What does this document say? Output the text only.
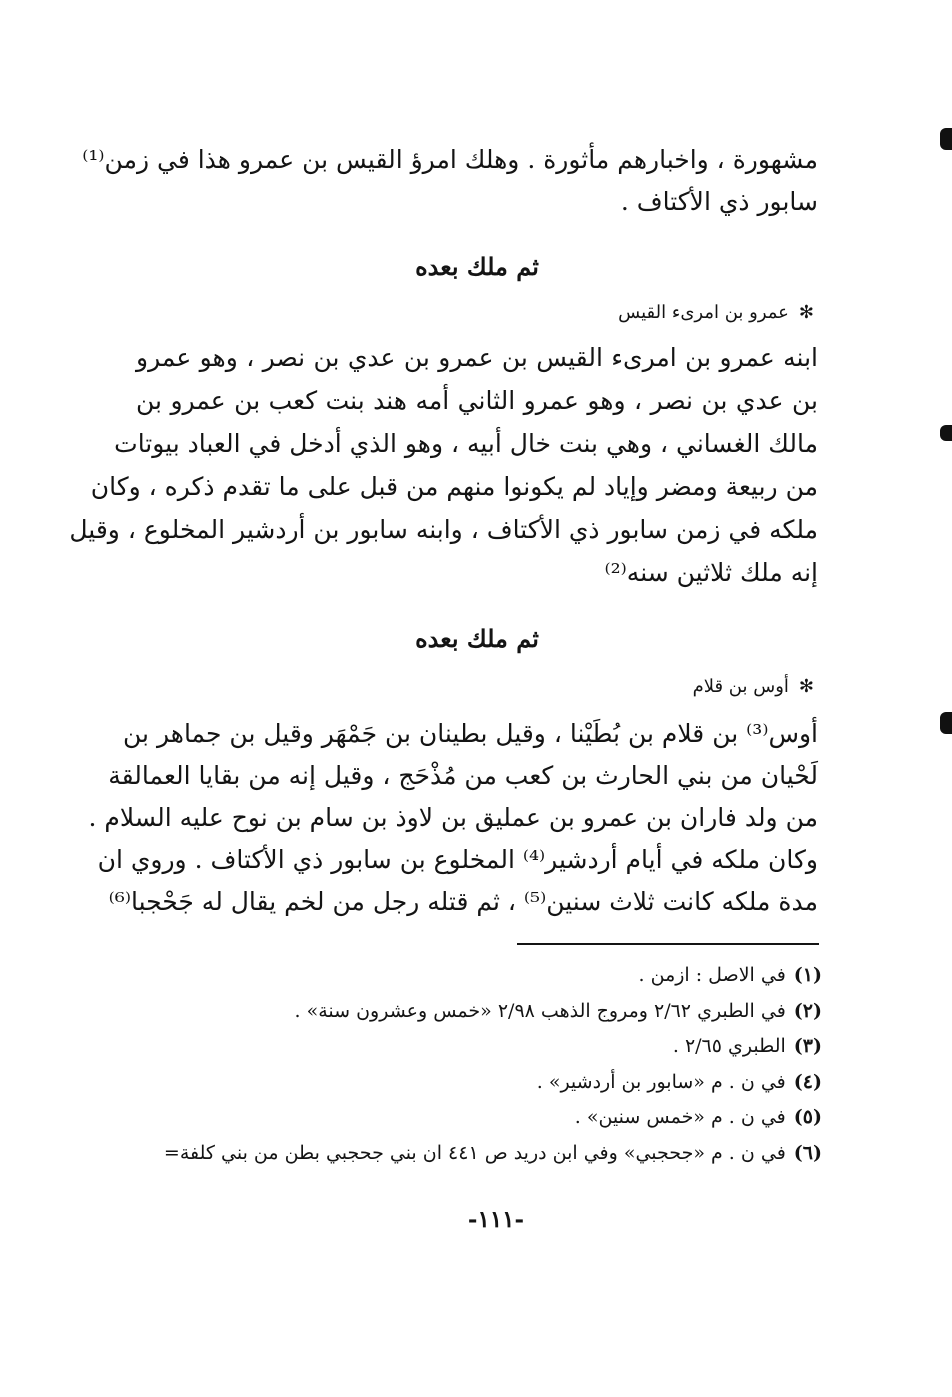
مشهورة ، واخبارهم مأثورة . وهلك امرؤ القيس بن عمرو هذا في زمن⁽¹⁾
سابور ذي الأكتاف .
ثم ملك بعده
✻عمرو بن امرىء القيس
ابنه عمرو بن امرىء القيس بن عمرو بن عدي بن نصر ، وهو عمرو
بن عدي بن نصر ، وهو عمرو الثاني أمه هند بنت كعب بن عمرو بن
مالك الغساني ، وهي بنت خال أبيه ، وهو الذي أدخل في العباد بيوتات
من ربيعة ومضر وإياد لم يكونوا منهم من قبل على ما تقدم ذكره ، وكان
ملكه في زمن سابور ذي الأكتاف ، وابنه سابور بن أردشير المخلوع ، وقيل
إنه ملك ثلاثين سنه⁽²⁾
ثم ملك بعده
✻أوس بن قلام
أوس⁽³⁾ بن قلام بن بُطَيْنا ، وقيل بطينان بن جَمْهَر وقيل بن جماهر بن
لَحْيان من بني الحارث بن كعب من مُذْحَج ، وقيل إنه من بقايا العمالقة
من ولد فاران بن عمرو بن عمليق بن لاوذ بن سام بن نوح عليه السلام .
وكان ملكه في أيام أردشير⁽⁴⁾ المخلوع بن سابور ذي الأكتاف . وروي ان
مدة ملكه كانت ثلاث سنين⁽⁵⁾ ، ثم قتله رجل من لخم يقال له جَحْجبا⁽⁶⁾
(١)في الاصل : ازمن .
(٢)في الطبري ٢/٦٢ ومروج الذهب ٢/٩٨ «خمس وعشرون سنة» .
(٣)الطبري ٢/٦٥ .
(٤)في ن . م «سابور بن أردشير» .
(٥)في ن . م «خمس سنين» .
(٦)في ن . م «جحجبي» وفي ابن دريد ص ٤٤١ ان بني جحجبي بطن من بني كلفة=
-١١١-
